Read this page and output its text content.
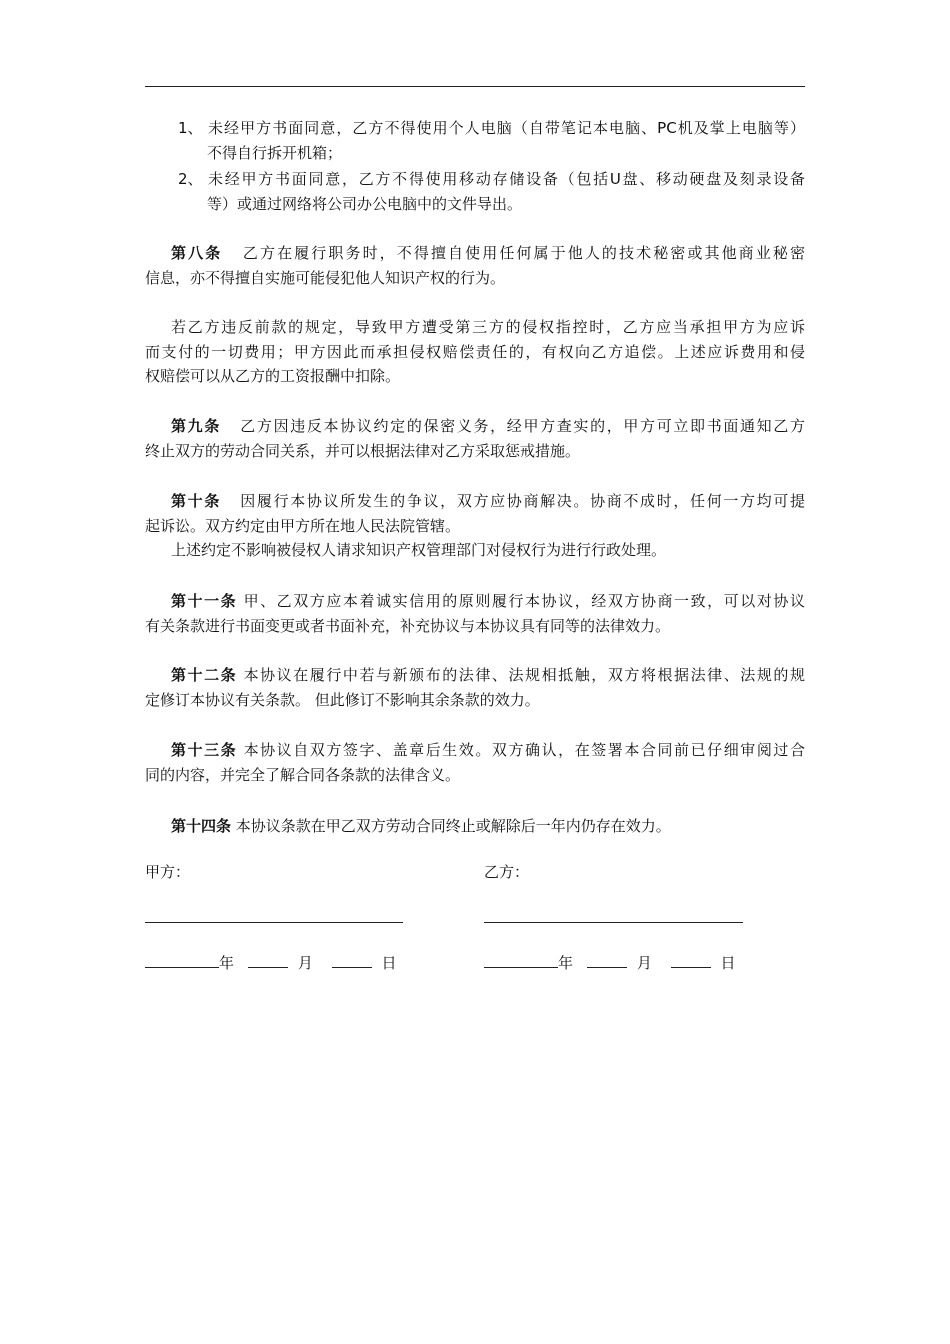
1、 未经甲方书面同意，乙方不得使用个人电脑（自带笔记本电脑、PC机及掌上电脑等）
不得自行拆开机箱；
2、 未经甲方书面同意，乙方不得使用移动存储设备（包括U盘、移动硬盘及刻录设备
等）或通过网络将公司办公电脑中的文件导出。
第八条 乙方在履行职务时，不得擅自使用任何属于他人的技术秘密或其他商业秘密
信息，亦不得擅自实施可能侵犯他人知识产权的行为。
若乙方违反前款的规定，导致甲方遭受第三方的侵权指控时，乙方应当承担甲方为应诉
而支付的一切费用；甲方因此而承担侵权赔偿责任的，有权向乙方追偿。上述应诉费用和侵
权赔偿可以从乙方的工资报酬中扣除。
第九条 乙方因违反本协议约定的保密义务，经甲方查实的，甲方可立即书面通知乙方
终止双方的劳动合同关系，并可以根据法律对乙方采取惩戒措施。
第十条 因履行本协议所发生的争议，双方应协商解决。协商不成时，任何一方均可提
起诉讼。双方约定由甲方所在地人民法院管辖。
上述约定不影响被侵权人请求知识产权管理部门对侵权行为进行行政处理。
第十一条 甲、乙双方应本着诚实信用的原则履行本协议，经双方协商一致，可以对协议
有关条款进行书面变更或者书面补充，补充协议与本协议具有同等的法律效力。
第十二条 本协议在履行中若与新颁布的法律、法规相抵触，双方将根据法律、法规的规
定修订本协议有关条款。 但此修订不影响其余条款的效力。
第十三条 本协议自双方签字、盖章后生效。双方确认，在签署本合同前已仔细审阅过合
同的内容，并完全了解合同各条款的法律含义。
第十四条 本协议条款在甲乙双方劳动合同终止或解除后一年内仍存在效力。
甲方：	乙方：
年	月	日	年	月	日
